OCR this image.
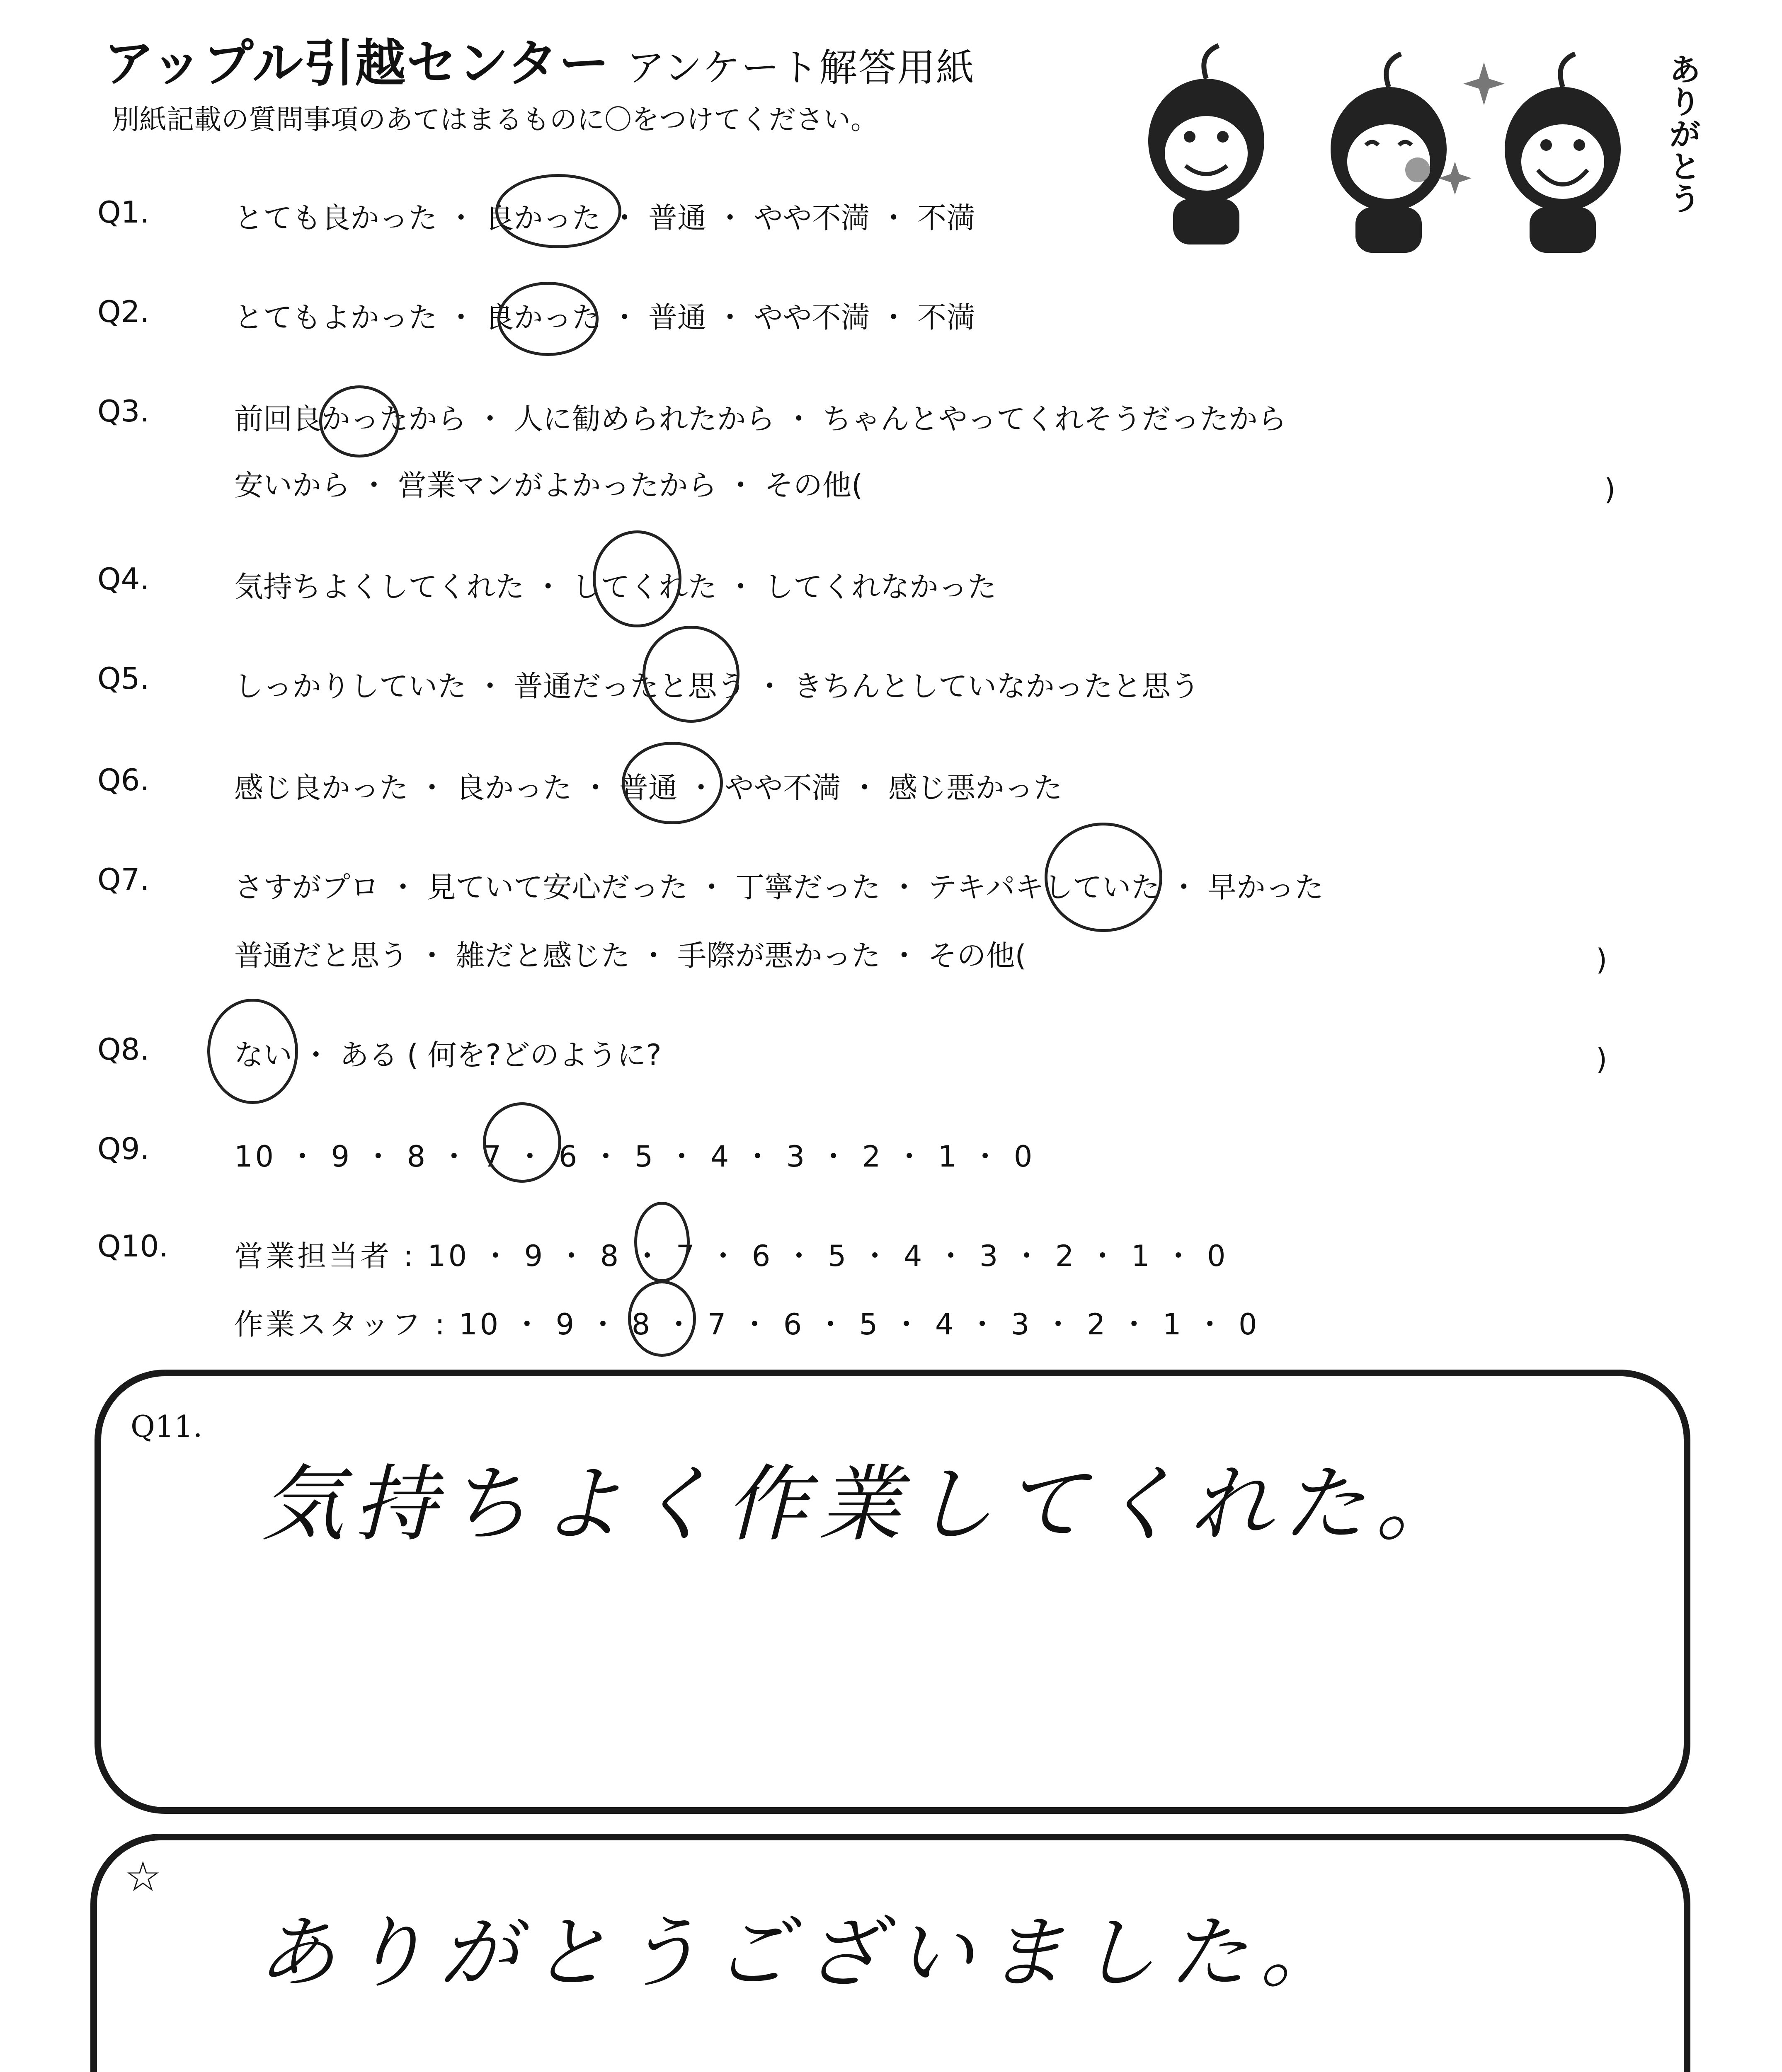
アップル引越センター アンケート解答用紙
別紙記載の質問事項のあてはまるものに〇をつけてください。
ありがとう
Q1.	とても良かった ・ 良かった ・ 普通 ・ やや不満 ・ 不満
Q2.	とてもよかった ・ 良かった ・ 普通 ・ やや不満 ・ 不満
Q3.	前回良かったから ・ 人に勧められたから ・ ちゃんとやってくれそうだったから
安いから ・ 営業マンがよかったから ・ その他(	)
Q4.	気持ちよくしてくれた ・ してくれた ・ してくれなかった
Q5.	しっかりしていた ・ 普通だったと思う ・ きちんとしていなかったと思う
Q6.	感じ良かった ・ 良かった ・ 普通 ・ やや不満 ・ 感じ悪かった
Q7.	さすがプロ ・ 見ていて安心だった ・ 丁寧だった ・ テキパキしていた ・ 早かった
普通だと思う ・ 雑だと感じた ・ 手際が悪かった ・ その他(	)
Q8.	ない ・ ある ( 何を?どのように?	)
Q9.	10 ・ 9 ・ 8 ・ 7 ・ 6 ・ 5 ・ 4 ・ 3 ・ 2 ・ 1 ・ 0
Q10. 営業担当者 : 10 ・ 9 ・ 8 ・ 7 ・ 6 ・ 5 ・ 4 ・ 3 ・ 2 ・ 1 ・ 0
作業スタッフ : 10 ・ 9 ・ 8 ・ 7 ・ 6 ・ 5 ・ 4 ・ 3 ・ 2 ・ 1 ・ 0
Q11.
気持ちよく作業してくれた。
☆
ありがとうございました。
